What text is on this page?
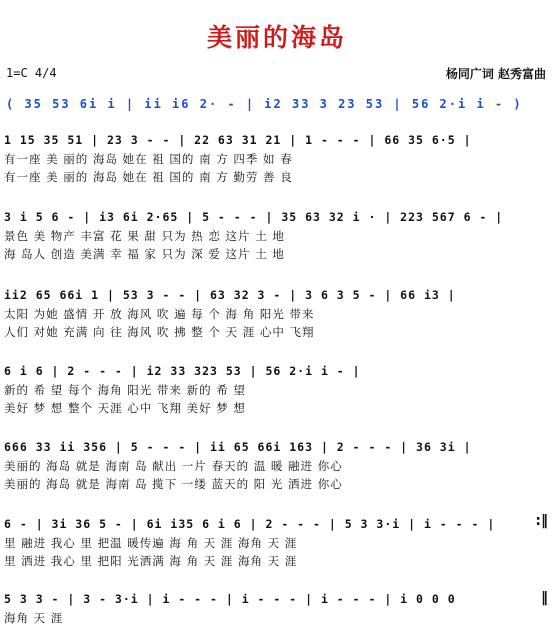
美丽的海岛
1=C 4/4	杨同广词 赵秀富曲
( 35 53 6i i | ii i6 2· - | i2 33 3 23 53 | 56 2·i i - )
1 15 35 51 | 23 3 - - | 22 63 31 21 | 1 - - - | 66 35 6·5 |
有一座 美 丽的 海岛 她在 祖 国的 南 方 四季 如 春
有一座 美 丽的 海岛 她在 祖 国的 南 方 勤劳 善 良
3 i 5 6 - | i3 6i 2·65 | 5 - - - | 35 63 32 i · | 223 567 6 - |
景色 美 物产 丰富 花 果 甜 只为 热 恋 这片 土 地
海 岛人 创造 美满 幸 福 家 只为 深 爱 这片 土 地
ii2 65 66i 1 | 53 3 - - | 63 32 3 - | 3 6 3 5 - | 66 i3 |
太阳 为她 盛情 开 放 海风 吹 遍 每 个 海 角 阳光 带来
人们 对她 充满 向 往 海风 吹 拂 整 个 天 涯 心中 飞翔
6 i 6 | 2 - - - | i2 33 323 53 | 56 2·i i - |
新的 希 望 每个 海角 阳光 带来 新的 希 望
美好 梦 想 整个 天涯 心中 飞翔 美好 梦 想
666 33 ii 356 | 5 - - - | ii 65 66i 163 | 2 - - - | 36 3i |
美丽的 海岛 就是 海南 岛 献出 一片 春天的 温 暖 融进 你心
美丽的 海岛 就是 海南 岛 揽下 一缕 蓝天的 阳 光 洒进 你心
6 - | 3i 36 5 - | 6i i35 6 i 6 | 2 - - - | 5 3 3·i | i - - - |
里 融进 我心 里 把温 暖传遍 海 角 天 涯 海角 天 涯
里 洒进 我心 里 把阳 光洒满 海 角 天 涯 海角 天 涯
5 3 3 - | 3 - 3·i | i - - - | i - - - | i - - - | i 0 0 0
海角 天 涯
:‖
‖
